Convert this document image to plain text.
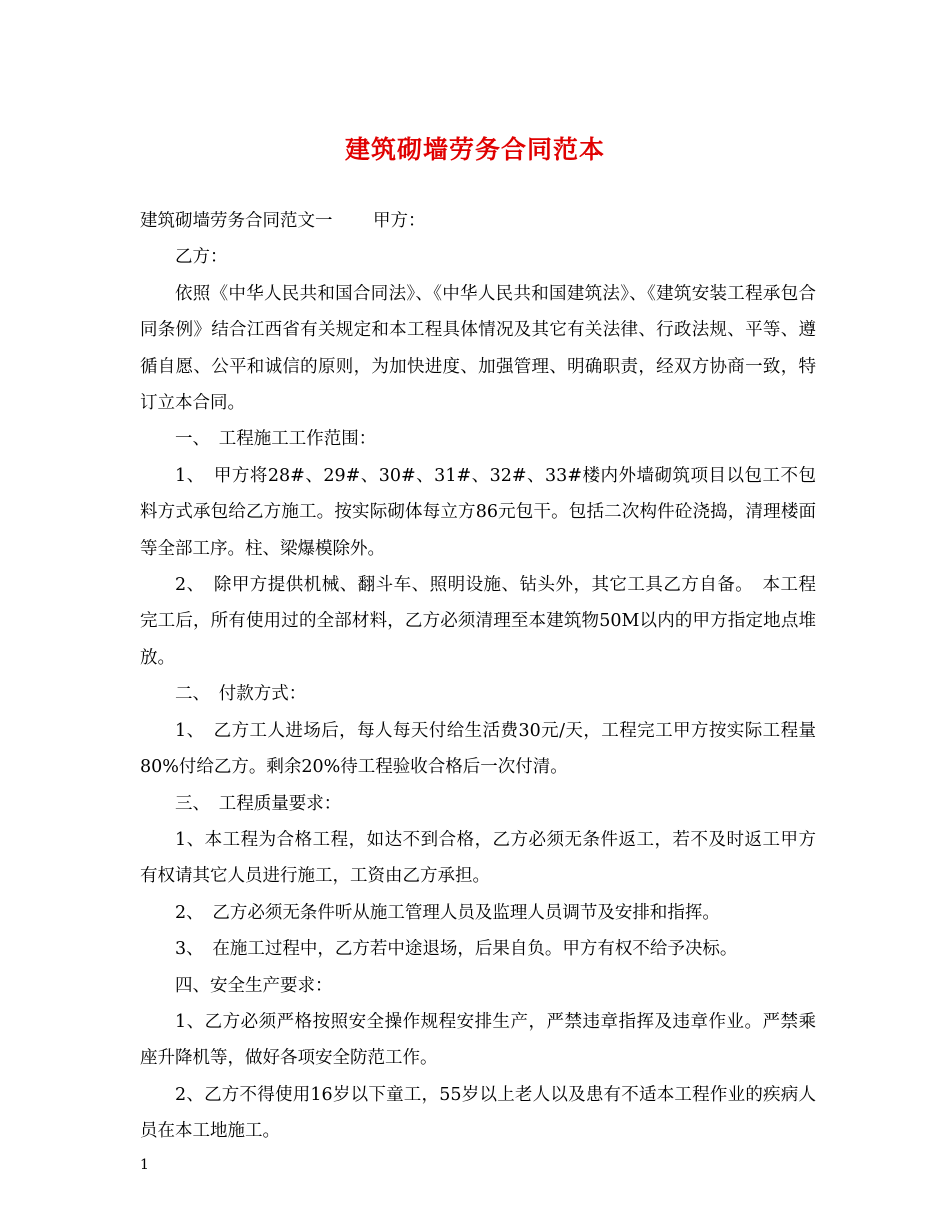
建筑砌墙劳务合同范本
建筑砌墙劳务合同范文一　　 甲方：

乙方：

依照《中华人民共和国合同法》、《中华人民共和国建筑法》、《建筑安装工程承包合同条例》结合江西省有关规定和本工程具体情况及其它有关法律、行政法规、平等、遵循自愿、公平和诚信的原则，为加快进度、加强管理、明确职责，经双方协商一致，特订立本合同。

一、　工程施工工作范围：

1、　甲方将28#、29#、30#、31#、32#、33#楼内外墙砌筑项目以包工不包料方式承包给乙方施工。按实际砌体每立方86元包干。包括二次构件砼浇捣，清理楼面等全部工序。柱、梁爆模除外。

2、　除甲方提供机械、翻斗车、照明设施、钻头外，其它工具乙方自备。　本工程完工后，所有使用过的全部材料，乙方必须清理至本建筑物50M以内的甲方指定地点堆放。

二、　付款方式：

1、　乙方工人进场后，每人每天付给生活费30元/天，工程完工甲方按实际工程量80%付给乙方。剩余20%待工程验收合格后一次付清。

三、　工程质量要求：

1、本工程为合格工程，如达不到合格，乙方必须无条件返工，若不及时返工甲方有权请其它人员进行施工，工资由乙方承担。

2、　乙方必须无条件听从施工管理人员及监理人员调节及安排和指挥。

3、　在施工过程中，乙方若中途退场，后果自负。甲方有权不给予决标。

四、安全生产要求：

1、乙方必须严格按照安全操作规程安排生产，严禁违章指挥及违章作业。严禁乘座升降机等，做好各项安全防范工作。

2、乙方不得使用16岁以下童工，55岁以上老人以及患有不适本工程作业的疾病人员在本工地施工。

1
